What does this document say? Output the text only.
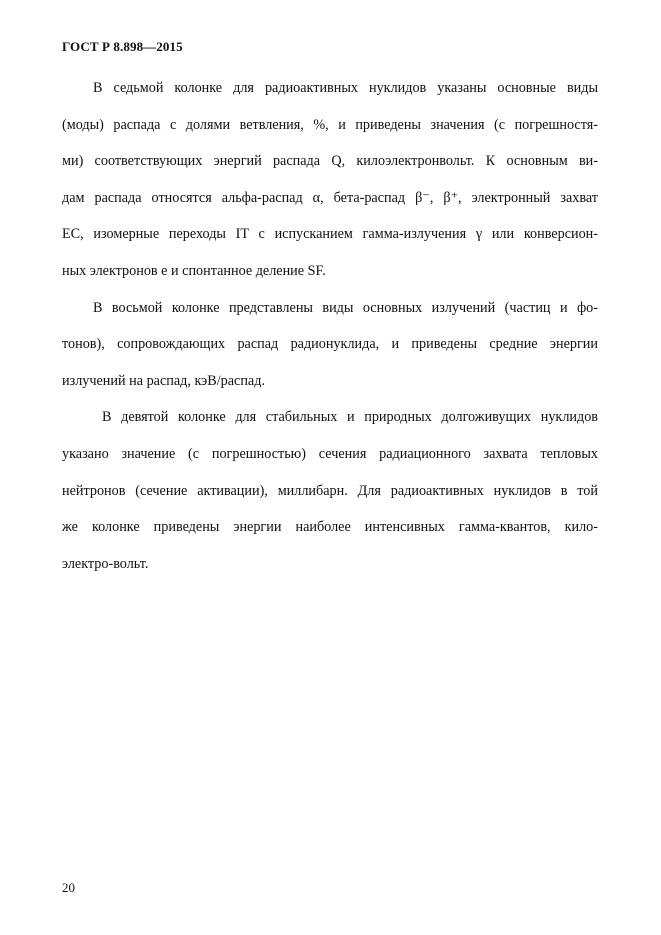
ГОСТ Р 8.898—2015
В седьмой колонке для радиоактивных нуклидов указаны основные виды
(моды) распада с долями ветвления, %, и приведены значения (с погрешностя-
ми) соответствующих энергий распада Q, килоэлектронвольт. К основным ви-
дам распада относятся альфа-распад α, бета-распад β⁻, β⁺, электронный захват
ЕС, изомерные переходы IT с испусканием гамма-излучения γ или конверсион-
ных электронов е и спонтанное деление SF.
В восьмой колонке представлены виды основных излучений (частиц и фо-
тонов), сопровождающих распад радионуклида, и приведены средние энергии
излучений на распад, кэВ/распад.
В девятой колонке для стабильных и природных долгоживущих нуклидов
указано значение (с погрешностью) сечения радиационного захвата тепловых
нейтронов (сечение активации), миллибарн. Для радиоактивных нуклидов в той
же колонке приведены энергии наиболее интенсивных гамма-квантов, кило-
электро-вольт.
20
